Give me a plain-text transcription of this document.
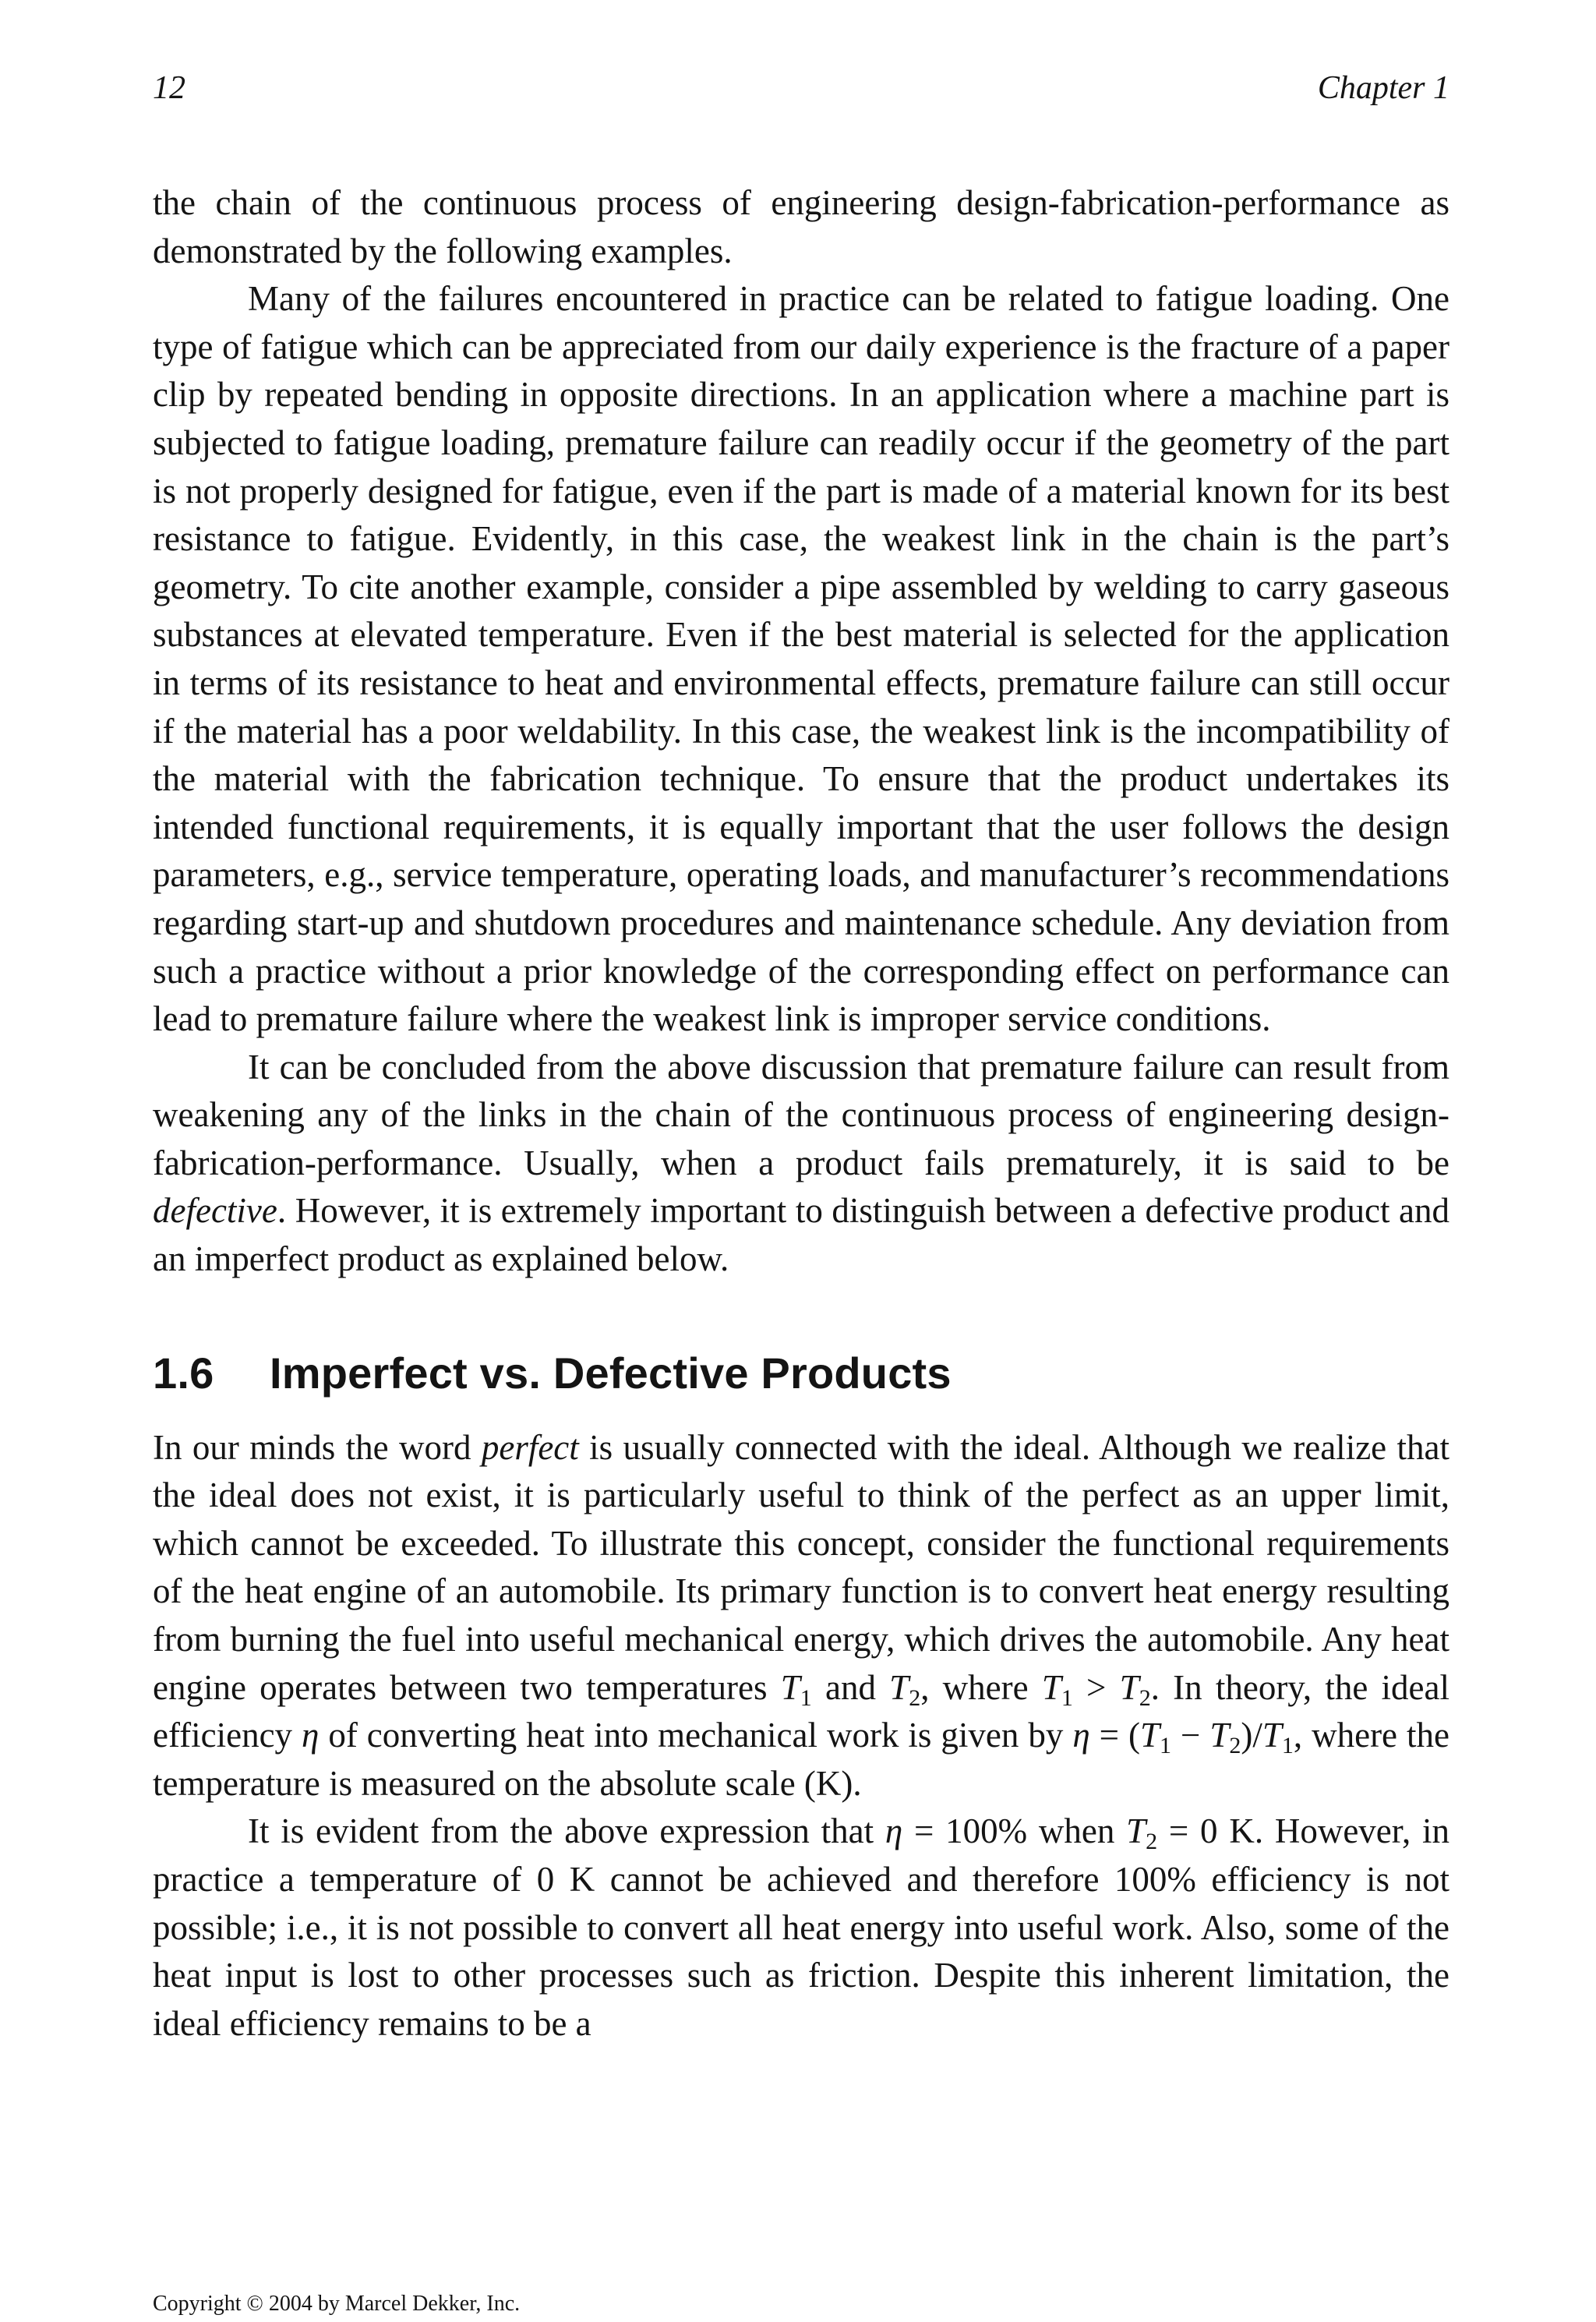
12	Chapter 1

the chain of the continuous process of engineering design-fabrication-performance as demonstrated by the following examples.

Many of the failures encountered in practice can be related to fatigue loading. One type of fatigue which can be appreciated from our daily experience is the fracture of a paper clip by repeated bending in opposite directions. In an application where a machine part is subjected to fatigue loading, premature failure can readily occur if the geometry of the part is not properly designed for fatigue, even if the part is made of a material known for its best resistance to fatigue. Evidently, in this case, the weakest link in the chain is the part’s geometry. To cite another example, consider a pipe assembled by welding to carry gaseous substances at elevated temperature. Even if the best material is selected for the application in terms of its resistance to heat and environmental effects, premature failure can still occur if the material has a poor weldability. In this case, the weakest link is the incompatibility of the material with the fabrication technique. To ensure that the product undertakes its intended functional requirements, it is equally important that the user follows the design parameters, e.g., service temperature, operating loads, and manufacturer’s recommendations regarding start-up and shutdown procedures and maintenance schedule. Any deviation from such a practice without a prior knowledge of the corresponding effect on performance can lead to premature failure where the weakest link is improper service conditions.

It can be concluded from the above discussion that premature failure can result from weakening any of the links in the chain of the continuous process of engineering design-fabrication-performance. Usually, when a product fails prematurely, it is said to be defective. However, it is extremely important to distinguish between a defective product and an imperfect product as explained below.

1.6 Imperfect vs. Defective Products

In our minds the word perfect is usually connected with the ideal. Although we realize that the ideal does not exist, it is particularly useful to think of the perfect as an upper limit, which cannot be exceeded. To illustrate this concept, consider the functional requirements of the heat engine of an automobile. Its primary function is to convert heat energy resulting from burning the fuel into useful mechanical energy, which drives the automobile. Any heat engine operates between two temperatures $T_1$ and $T_2$, where $T_1 > T_2$. In theory, the ideal efficiency η of converting heat into mechanical work is given by $\eta = (T_1 - T_2)/T_1$, where the temperature is measured on the absolute scale (K).

It is evident from the above expression that η = 100% when $T_2 = 0$ K. However, in practice a temperature of 0 K cannot be achieved and therefore 100% efficiency is not possible; i.e., it is not possible to convert all heat energy into useful work. Also, some of the heat input is lost to other processes such as friction. Despite this inherent limitation, the ideal efficiency remains to be a

Copyright © 2004 by Marcel Dekker, Inc.
